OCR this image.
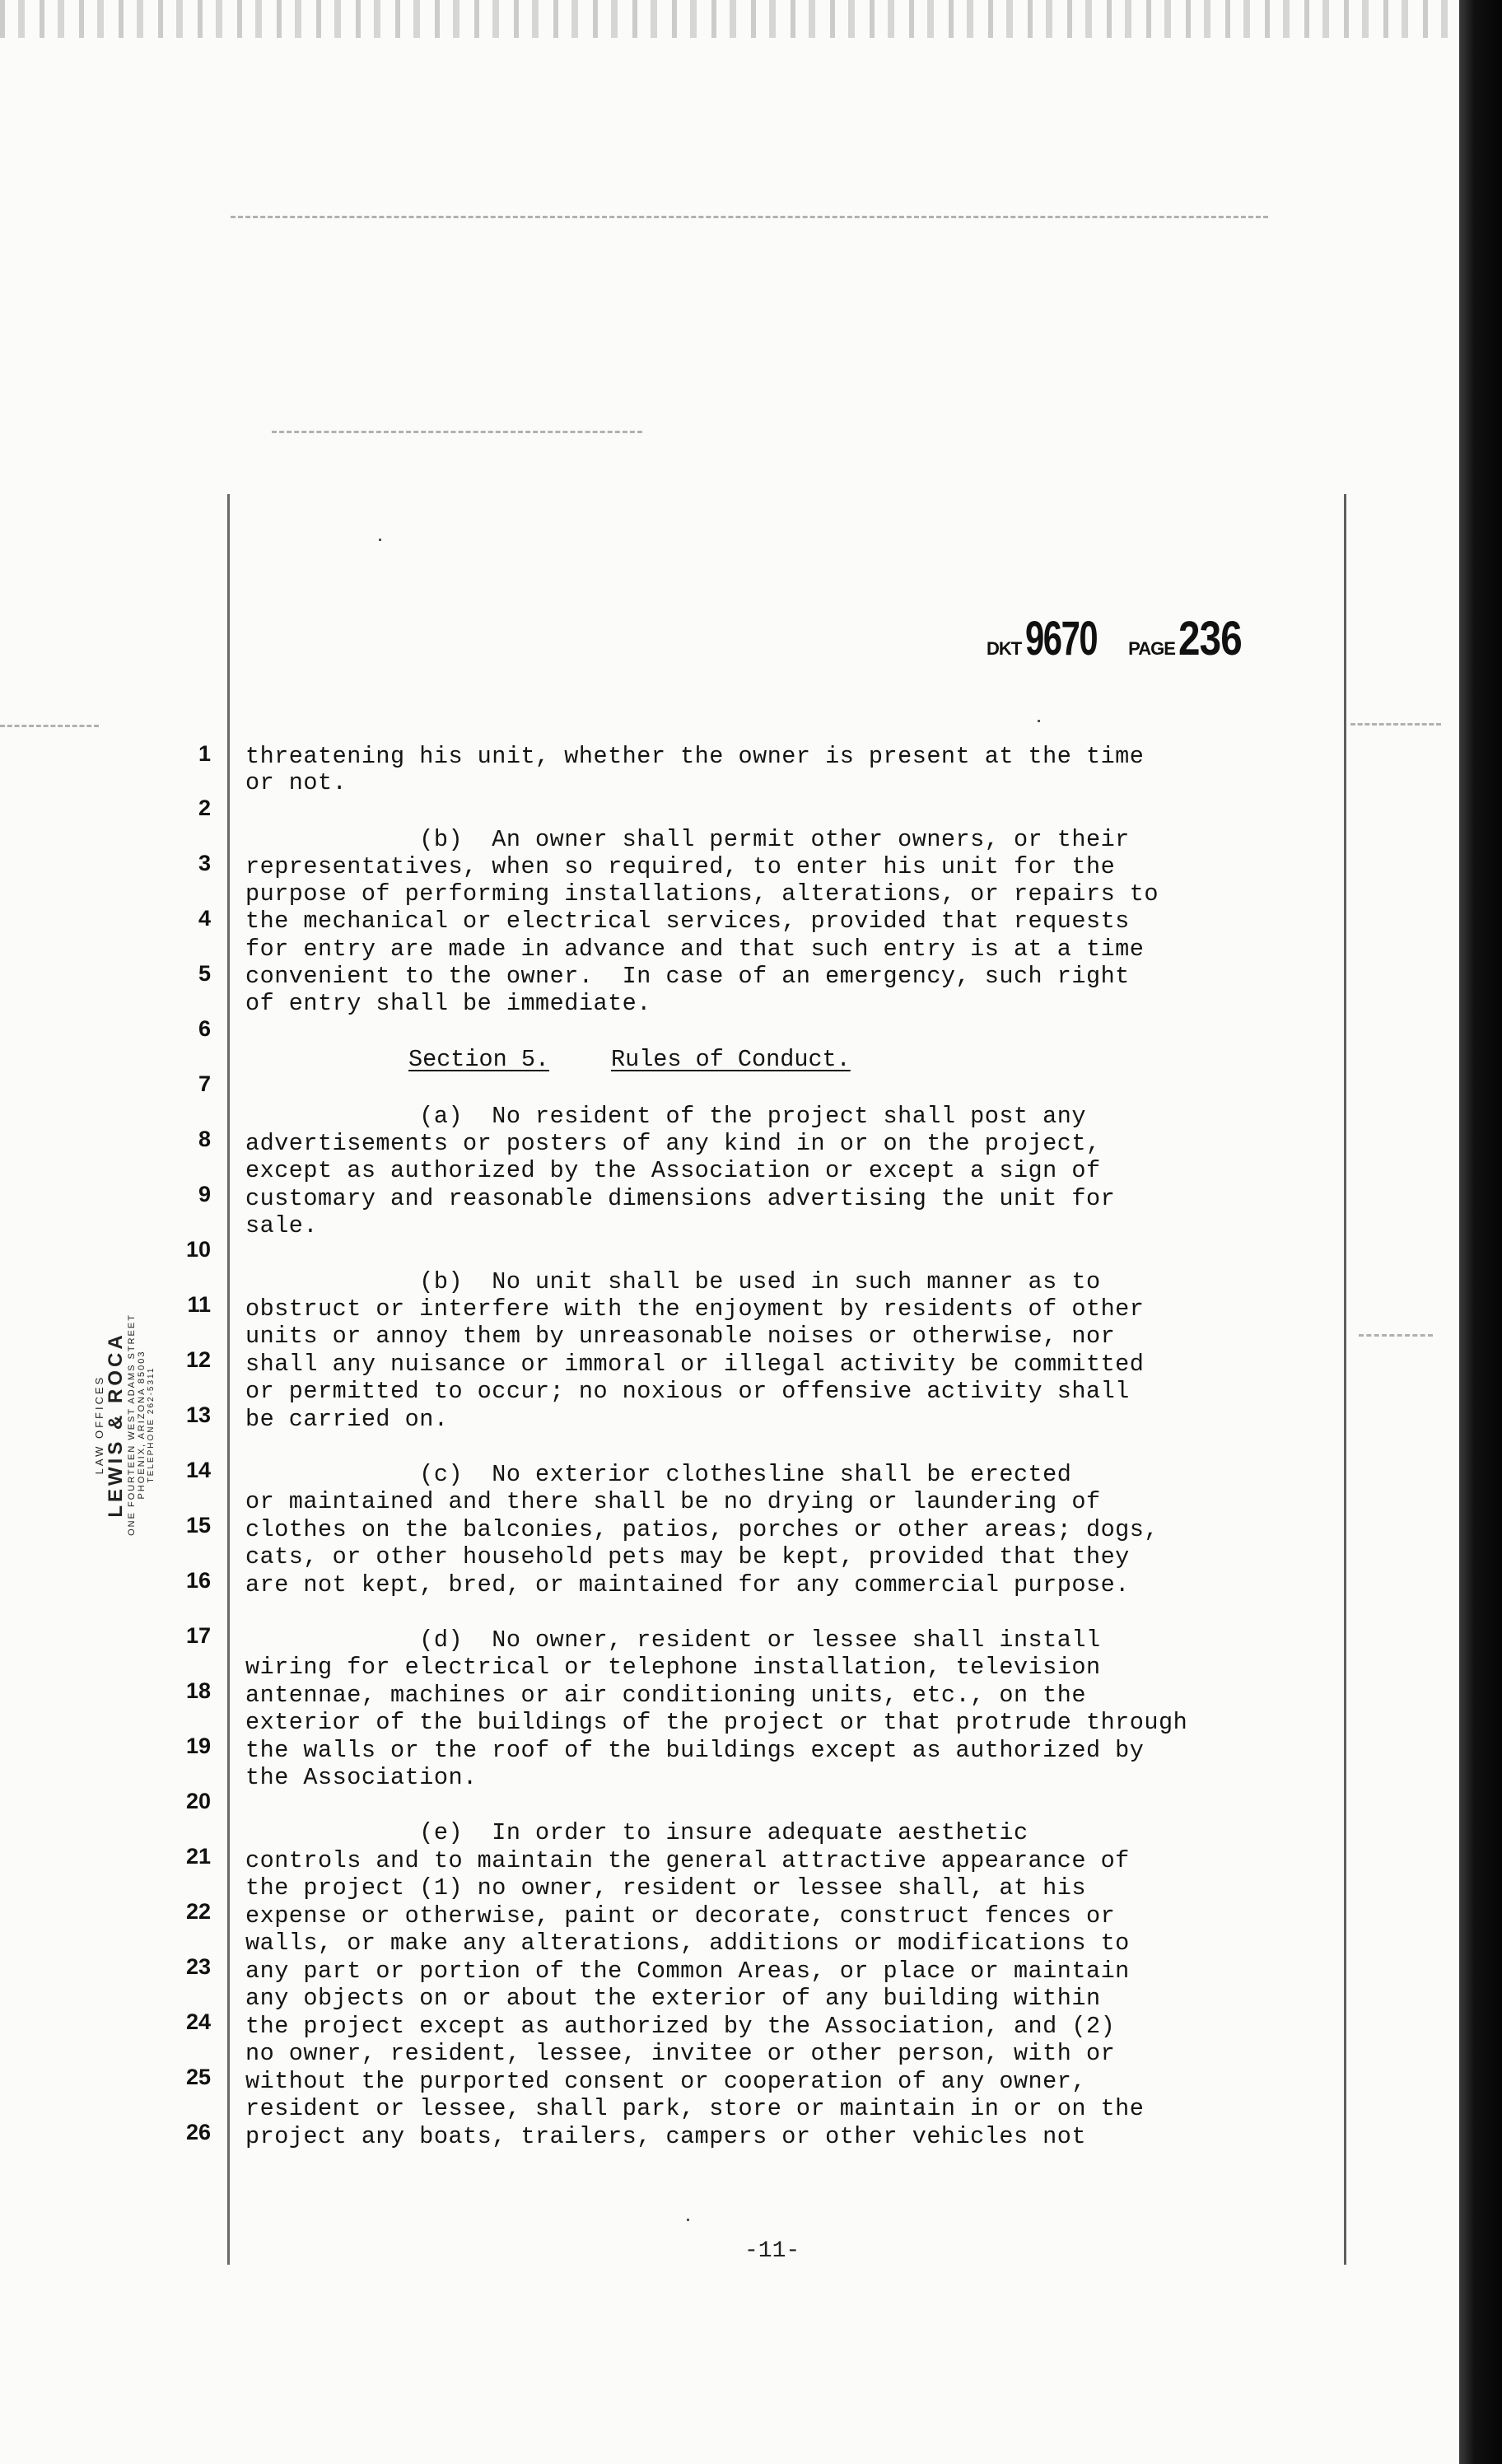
DKT 9670 PAGE 236
LAW OFFICES LEWIS & ROCA ONE FOURTEEN WEST ADAMS STREET PHOENIX, ARIZONA 85003 TELEPHONE 262-5311
1
2
3
4
5
6
7
8
9
10
11
12
13
14
15
16
17
18
19
20
21
22
23
24
25
26
threatening his unit, whether the owner is present at the time
or not.
(b)  An owner shall permit other owners, or their
representatives, when so required, to enter his unit for the
purpose of performing installations, alterations, or repairs to
the mechanical or electrical services, provided that requests
for entry are made in advance and that such entry is at a time
convenient to the owner.  In case of an emergency, such right
of entry shall be immediate.
Section 5.	Rules of Conduct.
(a)  No resident of the project shall post any
advertisements or posters of any kind in or on the project,
except as authorized by the Association or except a sign of
customary and reasonable dimensions advertising the unit for
sale.
(b)  No unit shall be used in such manner as to
obstruct or interfere with the enjoyment by residents of other
units or annoy them by unreasonable noises or otherwise, nor
shall any nuisance or immoral or illegal activity be committed
or permitted to occur; no noxious or offensive activity shall
be carried on.
(c)  No exterior clothesline shall be erected
or maintained and there shall be no drying or laundering of
clothes on the balconies, patios, porches or other areas; dogs,
cats, or other household pets may be kept, provided that they
are not kept, bred, or maintained for any commercial purpose.
(d)  No owner, resident or lessee shall install
wiring for electrical or telephone installation, television
antennae, machines or air conditioning units, etc., on the
exterior of the buildings of the project or that protrude through
the walls or the roof of the buildings except as authorized by
the Association.
(e)  In order to insure adequate aesthetic
controls and to maintain the general attractive appearance of
the project (1) no owner, resident or lessee shall, at his
expense or otherwise, paint or decorate, construct fences or
walls, or make any alterations, additions or modifications to
any part or portion of the Common Areas, or place or maintain
any objects on or about the exterior of any building within
the project except as authorized by the Association, and (2)
no owner, resident, lessee, invitee or other person, with or
without the purported consent or cooperation of any owner,
resident or lessee, shall park, store or maintain in or on the
project any boats, trailers, campers or other vehicles not
-11-
